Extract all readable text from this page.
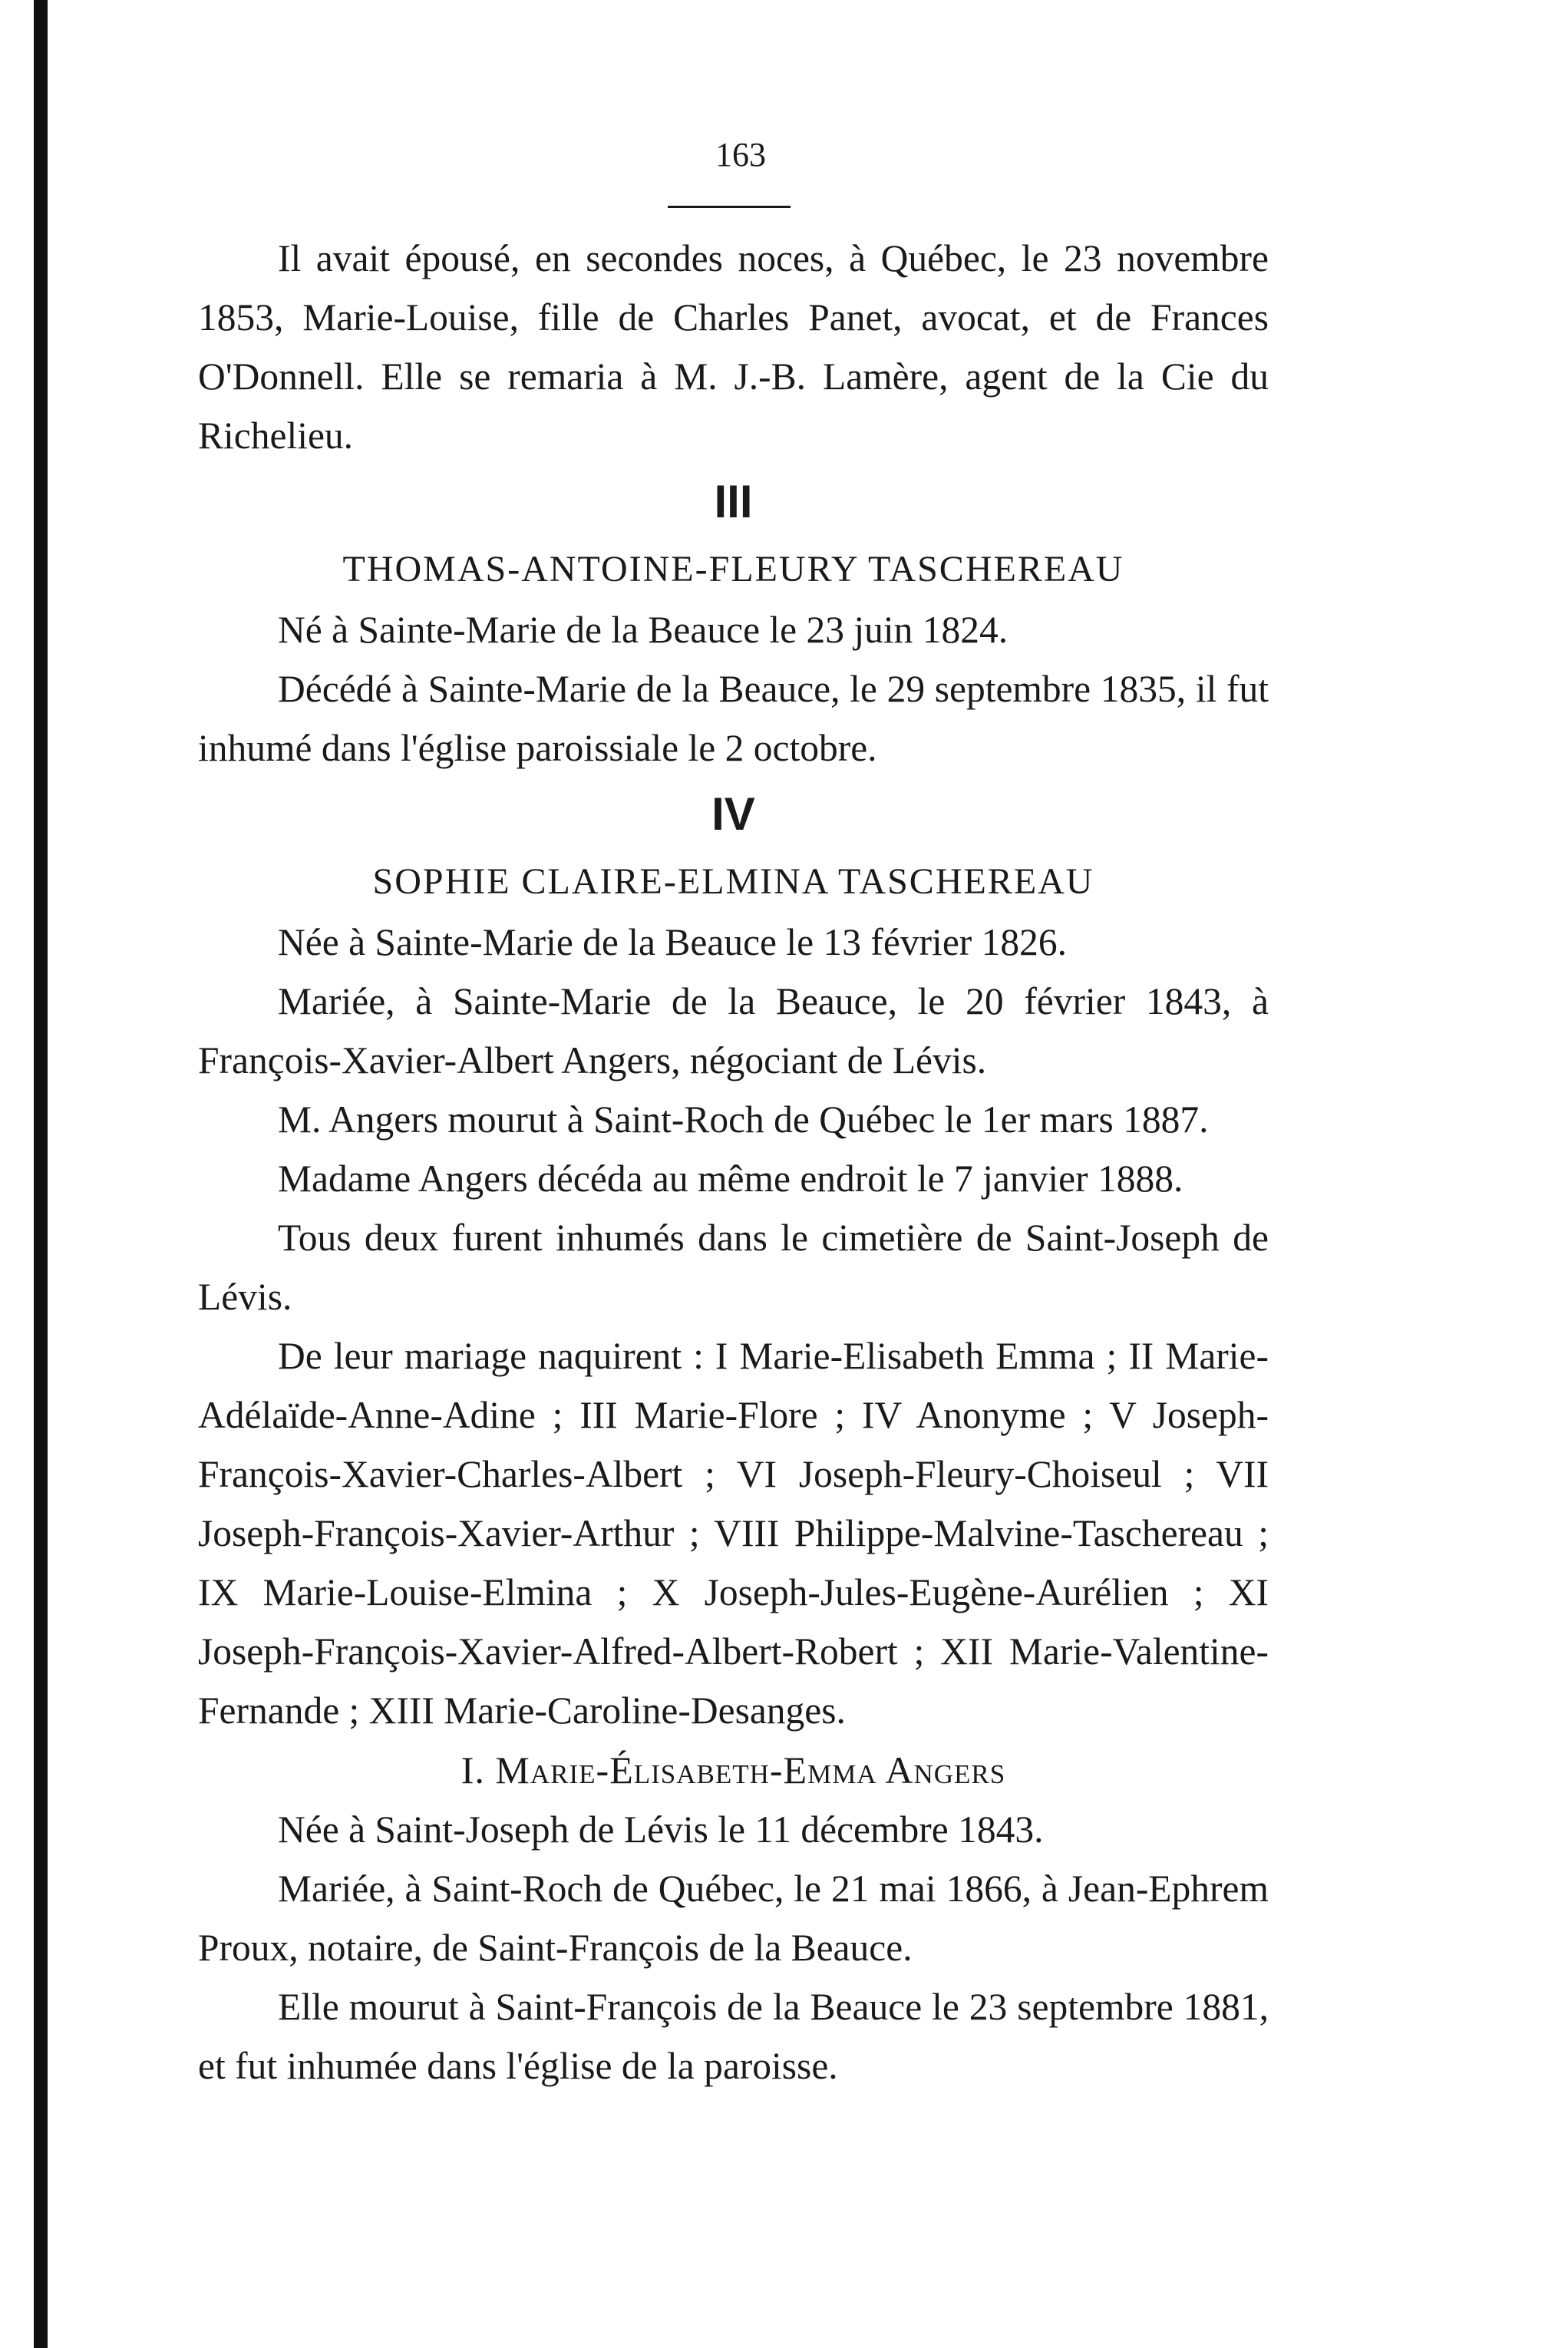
163

Il avait épousé, en secondes noces, à Québec, le 23 novembre 1853, Marie-Louise, fille de Charles Panet, avocat, et de Frances O'Donnell. Elle se remaria à M. J.-B. Lamère, agent de la Cie du Richelieu.

III
THOMAS-ANTOINE-FLEURY TASCHEREAU

Né à Sainte-Marie de la Beauce le 23 juin 1824.

Décédé à Sainte-Marie de la Beauce, le 29 septembre 1835, il fut inhumé dans l'église paroissiale le 2 octobre.

IV
SOPHIE CLAIRE-ELMINA TASCHEREAU

Née à Sainte-Marie de la Beauce le 13 février 1826.

Mariée, à Sainte-Marie de la Beauce, le 20 février 1843, à François-Xavier-Albert Angers, négociant de Lévis.

M. Angers mourut à Saint-Roch de Québec le 1er mars 1887.

Madame Angers décéda au même endroit le 7 janvier 1888.

Tous deux furent inhumés dans le cimetière de Saint-Joseph de Lévis.

De leur mariage naquirent : I Marie-Elisabeth Emma ; II Marie-Adélaïde-Anne-Adine ; III Marie-Flore ; IV Anonyme ; V Joseph-François-Xavier-Charles-Albert ; VI Joseph-Fleury-Choiseul ; VII Joseph-François-Xavier-Arthur ; VIII Philippe-Malvine-Taschereau ; IX Marie-Louise-Elmina ; X Joseph-Jules-Eugène-Aurélien ; XI Joseph-François-Xavier-Alfred-Albert-Robert ; XII Marie-Valentine-Fernande ; XIII Marie-Caroline-Desanges.

I. Marie-Élisabeth-Emma Angers

Née à Saint-Joseph de Lévis le 11 décembre 1843.

Mariée, à Saint-Roch de Québec, le 21 mai 1866, à Jean-Ephrem Proux, notaire, de Saint-François de la Beauce.

Elle mourut à Saint-François de la Beauce le 23 septembre 1881, et fut inhumée dans l'église de la paroisse.
